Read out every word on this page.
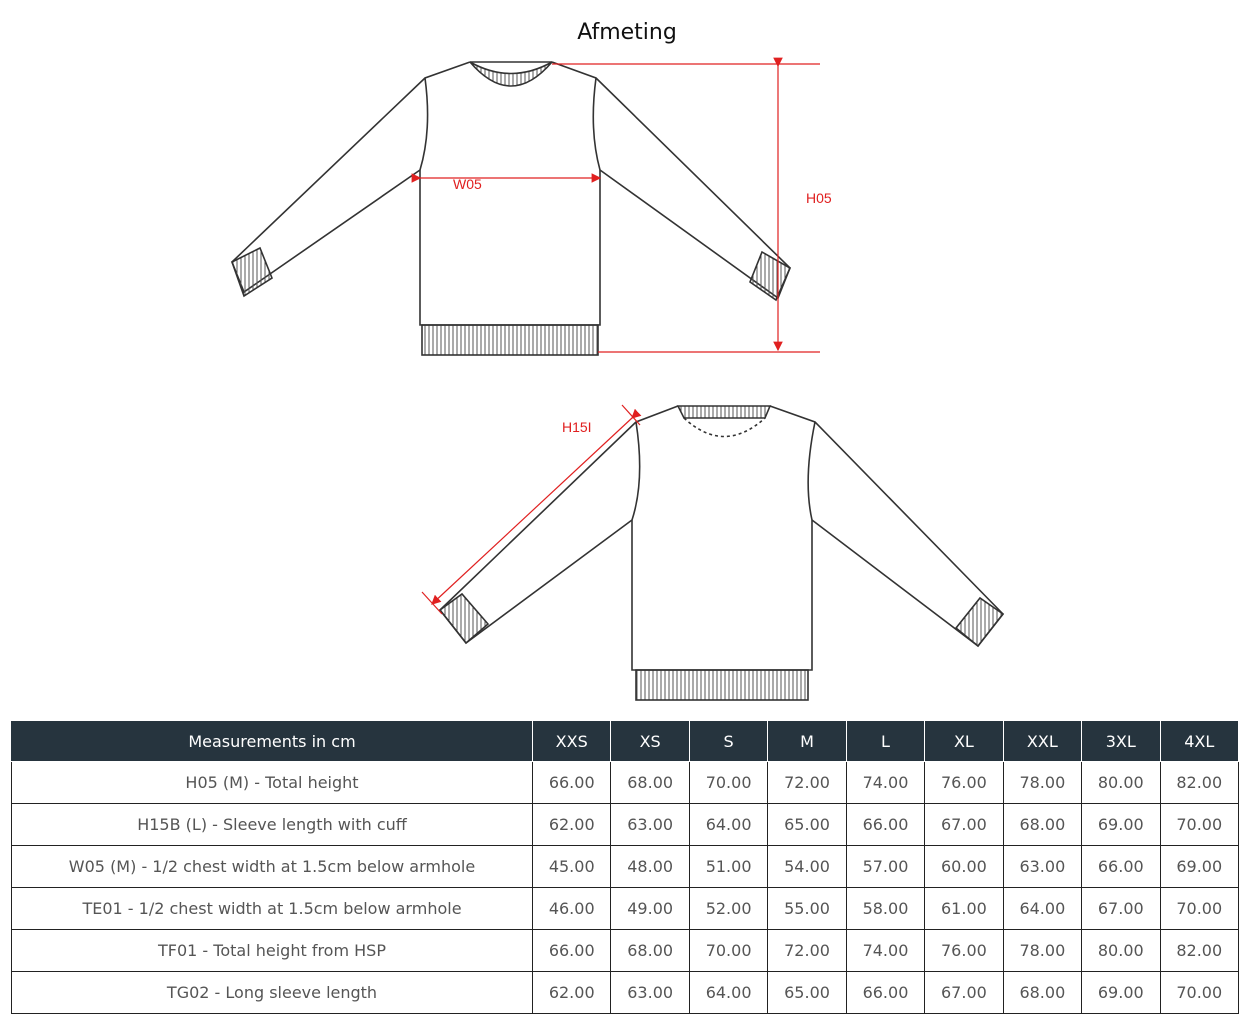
Afmeting
W05
H05
H15I
Measurements in cm	XXS	XS	S	M	L	XL	XXL	3XL	4XL
H05 (M) - Total height	66.00	68.00	70.00	72.00	74.00	76.00	78.00	80.00	82.00
H15B (L) - Sleeve length with cuff	62.00	63.00	64.00	65.00	66.00	67.00	68.00	69.00	70.00
W05 (M) - 1/2 chest width at 1.5cm below armhole	45.00	48.00	51.00	54.00	57.00	60.00	63.00	66.00	69.00
TE01 - 1/2 chest width at 1.5cm below armhole	46.00	49.00	52.00	55.00	58.00	61.00	64.00	67.00	70.00
TF01 - Total height from HSP	66.00	68.00	70.00	72.00	74.00	76.00	78.00	80.00	82.00
TG02 - Long sleeve length	62.00	63.00	64.00	65.00	66.00	67.00	68.00	69.00	70.00
